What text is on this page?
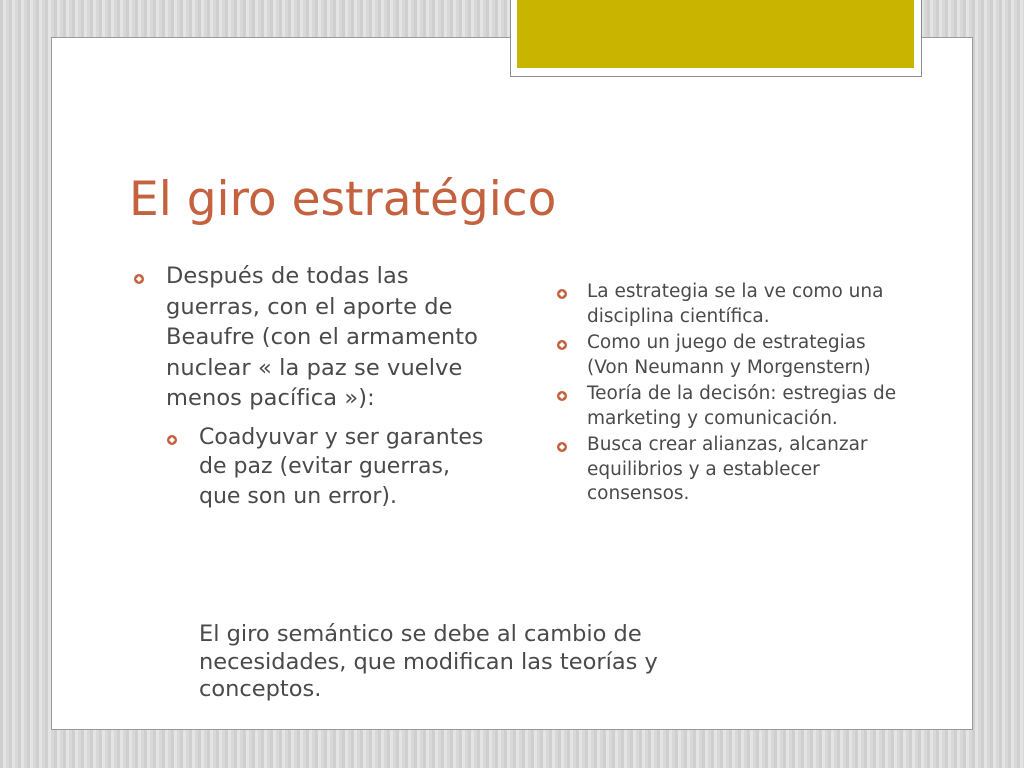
El giro estratégico
Después de todas las guerras, con el aporte de Beaufre (con el armamento nuclear « la paz se vuelve menos pacífica »):
Coadyuvar y ser garantes de paz (evitar guerras, que son un error).
La estrategia se la ve como una disciplina científica.
Como un juego de estrategias (Von Neumann y Morgenstern)
Teoría de la decisón: estregias de marketing y comunicación.
Busca crear alianzas, alcanzar equilibrios y a establecer consensos.

El giro semántico se debe al cambio de necesidades, que modifican las teorías y conceptos.
